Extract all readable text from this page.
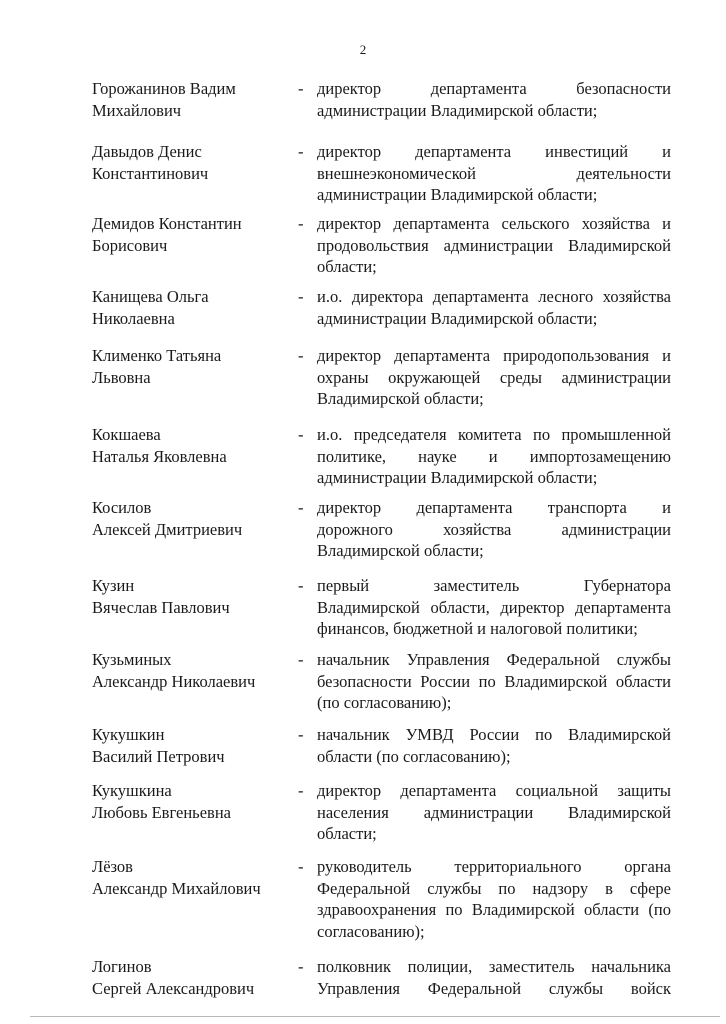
2
Горожанинов Вадим
Михайлович
- директор департамента безопасности
администрации Владимирской области;
Давыдов Денис
Константинович
- директор департамента инвестиций и
внешнеэкономической деятельности
администрации Владимирской области;
Демидов Константин
Борисович
- директор департамента сельского хозяйства и
продовольствия администрации Владимирской
области;
Канищева Ольга
Николаевна
- и.о. директора департамента лесного хозяйства
администрации Владимирской области;
Клименко Татьяна
Львовна
- директор департамента природопользования и
охраны окружающей среды администрации
Владимирской области;
Кокшаева
Наталья Яковлевна
- и.о. председателя комитета по промышленной
политике, науке и импортозамещению
администрации Владимирской области;
Косилов
Алексей Дмитриевич
- директор департамента транспорта и
дорожного хозяйства администрации
Владимирской области;
Кузин
Вячеслав Павлович
- первый заместитель Губернатора
Владимирской области, директор департамента
финансов, бюджетной и налоговой политики;
Кузьминых
Александр Николаевич
- начальник Управления Федеральной службы
безопасности России по Владимирской области
(по согласованию);
Кукушкин
Василий Петрович
- начальник УМВД России по Владимирской
области (по согласованию);
Кукушкина
Любовь Евгеньевна
- директор департамента социальной защиты
населения администрации Владимирской
области;
Лёзов
Александр Михайлович
- руководитель территориального органа
Федеральной службы по надзору в сфере
здравоохранения по Владимирской области (по
согласованию);
Логинов
Сергей Александрович
- полковник полиции, заместитель начальника
Управления Федеральной службы войск
